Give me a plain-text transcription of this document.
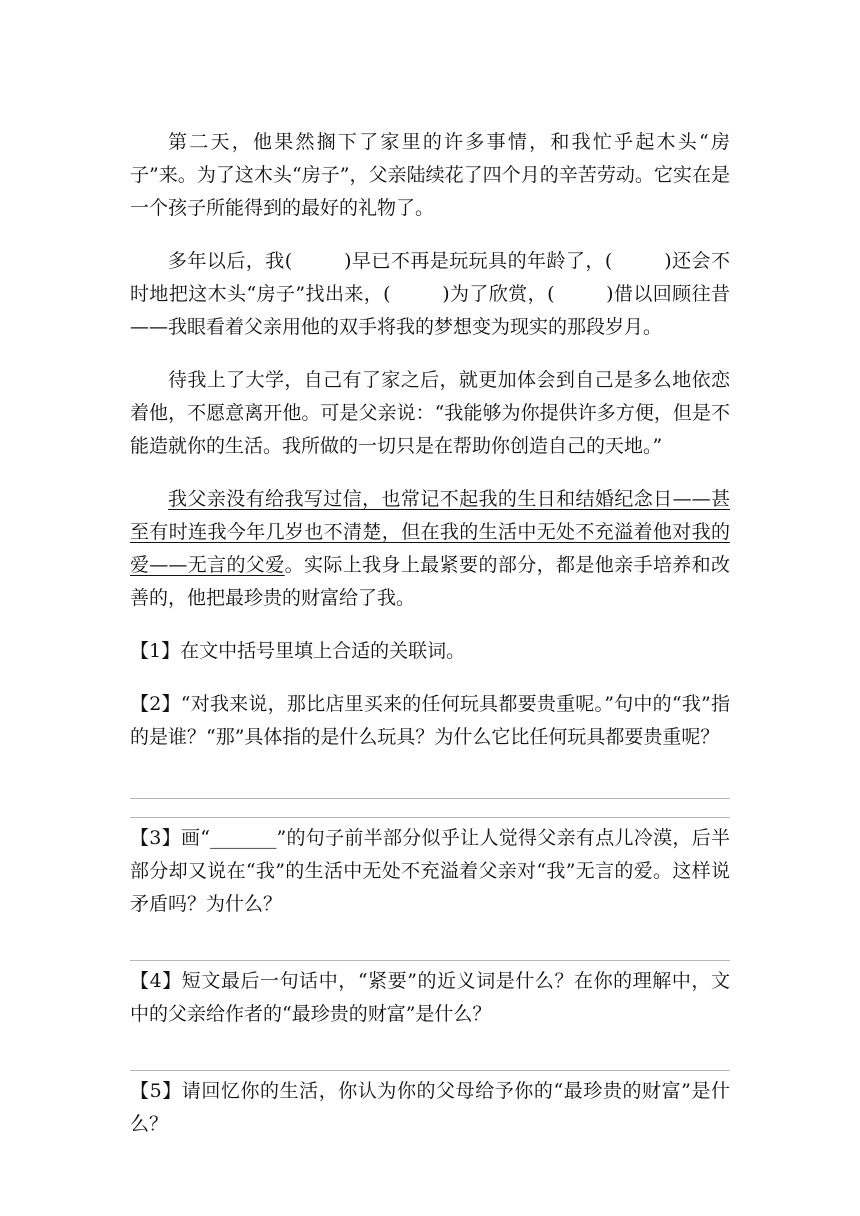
第二天，他果然搁下了家里的许多事情，和我忙乎起木头“房子”来。为了这木头“房子”，父亲陆续花了四个月的辛苦劳动。它实在是一个孩子所能得到的最好的礼物了。

多年以后，我(	)早已不再是玩玩具的年龄了，(	)还会不时地把这木头“房子”找出来，(	)为了欣赏，(	)借以回顾往昔——我眼看着父亲用他的双手将我的梦想变为现实的那段岁月。

待我上了大学，自己有了家之后，就更加体会到自己是多么地依恋着他，不愿意离开他。可是父亲说：“我能够为你提供许多方便，但是不能造就你的生活。我所做的一切只是在帮助你创造自己的天地。”

我父亲没有给我写过信，也常记不起我的生日和结婚纪念日——甚至有时连我今年几岁也不清楚，但在我的生活中无处不充溢着他对我的爱——无言的父爱。实际上我身上最紧要的部分，都是他亲手培养和改善的，他把最珍贵的财富给了我。

【1】在文中括号里填上合适的关联词。

【2】“对我来说，那比店里买来的任何玩具都要贵重呢。”句中的“我”指的是谁？“那”具体指的是什么玩具？为什么它比任何玩具都要贵重呢？

【3】画“_______”的句子前半部分似乎让人觉得父亲有点儿冷漠，后半部分却又说在“我”的生活中无处不充溢着父亲对“我”无言的爱。这样说矛盾吗？为什么？

【4】短文最后一句话中，“紧要”的近义词是什么？在你的理解中，文中的父亲给作者的“最珍贵的财富”是什么？

【5】请回忆你的生活，你认为你的父母给予你的“最珍贵的财富”是什么？
